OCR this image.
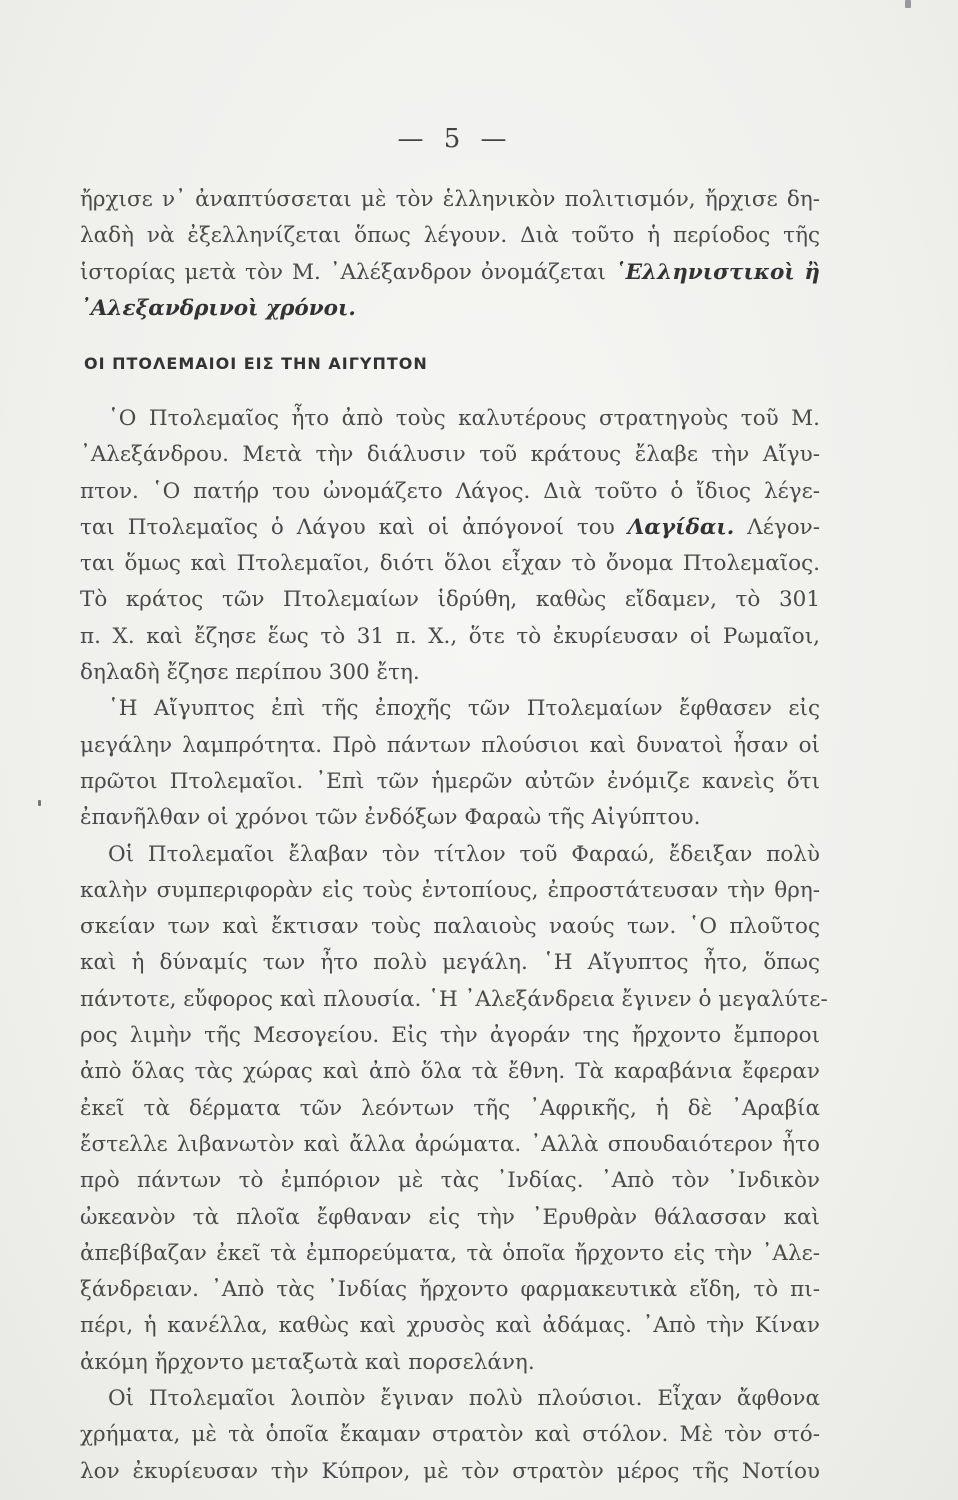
— 5 —
ἤρχισε ν᾿ ἀναπτύσσεται μὲ τὸν ἑλληνικὸν πολιτισμόν, ἤρχισε δη-
λαδὴ νὰ ἐξελληνίζεται ὅπως λέγουν. Διὰ τοῦτο ἡ περίοδος τῆς
ἱστορίας μετὰ τὸν Μ. ᾿Αλέξανδρον ὀνομάζεται ῾Ελληνιστικοὶ ἢ
᾿Αλεξανδρινοὶ χρόνοι.
ΟΙ ΠΤΟΛΕΜΑΙΟΙ ΕΙΣ ΤΗΝ ΑΙΓΥΠΤΟΝ
῾Ο Πτολεμαῖος ἦτο ἀπὸ τοὺς καλυτέρους στρατηγοὺς τοῦ Μ.
᾿Αλεξάνδρου. Μετὰ τὴν διάλυσιν τοῦ κράτους ἔλαβε τὴν Αἴγυ-
πτον. ῾Ο πατήρ του ὠνομάζετο Λάγος. Διὰ τοῦτο ὁ ἴδιος λέγε-
ται Πτολεμαῖος ὁ Λάγου καὶ οἱ ἀπόγονοί του Λαγίδαι. Λέγον-
ται ὅμως καὶ Πτολεμαῖοι, διότι ὅλοι εἶχαν τὸ ὄνομα Πτολεμαῖος.
Τὸ κράτος τῶν Πτολεμαίων ἱδρύθη, καθὼς εἴδαμεν, τὸ 301
π. Χ. καὶ ἔζησε ἕως τὸ 31 π. Χ., ὅτε τὸ ἐκυρίευσαν οἱ Ρωμαῖοι,
δηλαδὴ ἔζησε περίπου 300 ἔτη.
῾Η Αἴγυπτος ἐπὶ τῆς ἐποχῆς τῶν Πτολεμαίων ἔφθασεν εἰς
μεγάλην λαμπρότητα. Πρὸ πάντων πλούσιοι καὶ δυνατοὶ ἦσαν οἱ
πρῶτοι Πτολεμαῖοι. ᾿Επὶ τῶν ἡμερῶν αὐτῶν ἐνόμιζε κανεὶς ὅτι
ἐπανῆλθαν οἱ χρόνοι τῶν ἐνδόξων Φαραὼ τῆς Αἰγύπτου.
Οἱ Πτολεμαῖοι ἔλαβαν τὸν τίτλον τοῦ Φαραώ, ἔδειξαν πολὺ
καλὴν συμπεριφορὰν εἰς τοὺς ἐντοπίους, ἐπροστάτευσαν τὴν θρη-
σκείαν των καὶ ἔκτισαν τοὺς παλαιοὺς ναούς των. ῾Ο πλοῦτος
καὶ ἡ δύναμίς των ἦτο πολὺ μεγάλη. ῾Η Αἴγυπτος ἦτο, ὅπως
πάντοτε, εὔφορος καὶ πλουσία. ῾Η ᾿Αλεξάνδρεια ἔγινεν ὁ μεγαλύτε-
ρος λιμὴν τῆς Μεσογείου. Εἰς τὴν ἀγοράν της ἤρχοντο ἔμποροι
ἀπὸ ὅλας τὰς χώρας καὶ ἀπὸ ὅλα τὰ ἔθνη. Τὰ καραβάνια ἔφεραν
ἐκεῖ τὰ δέρματα τῶν λεόντων τῆς ᾿Αφρικῆς, ἡ δὲ ᾿Αραβία
ἔστελλε λιβανωτὸν καὶ ἄλλα ἀρώματα. ᾿Αλλὰ σπουδαιότερον ἦτο
πρὸ πάντων τὸ ἐμπόριον μὲ τὰς ᾿Ινδίας. ᾿Απὸ τὸν ᾿Ινδικὸν
ὠκεανὸν τὰ πλοῖα ἔφθαναν εἰς τὴν ᾿Ερυθρὰν θάλασσαν καὶ
ἀπεβίβαζαν ἐκεῖ τὰ ἐμπορεύματα, τὰ ὁποῖα ἤρχοντο εἰς τὴν ᾿Αλε-
ξάνδρειαν. ᾿Απὸ τὰς ᾿Ινδίας ἤρχοντο φαρμακευτικὰ εἴδη, τὸ πι-
πέρι, ἡ κανέλλα, καθὼς καὶ χρυσὸς καὶ ἀδάμας. ᾿Απὸ τὴν Κίναν
ἀκόμη ἤρχοντο μεταξωτὰ καὶ πορσελάνη.
Οἱ Πτολεμαῖοι λοιπὸν ἔγιναν πολὺ πλούσιοι. Εἶχαν ἄφθονα
χρήματα, μὲ τὰ ὁποῖα ἔκαμαν στρατὸν καὶ στόλον. Μὲ τὸν στό-
λον ἐκυρίευσαν τὴν Κύπρον, μὲ τὸν στρατὸν μέρος τῆς Νοτίου
